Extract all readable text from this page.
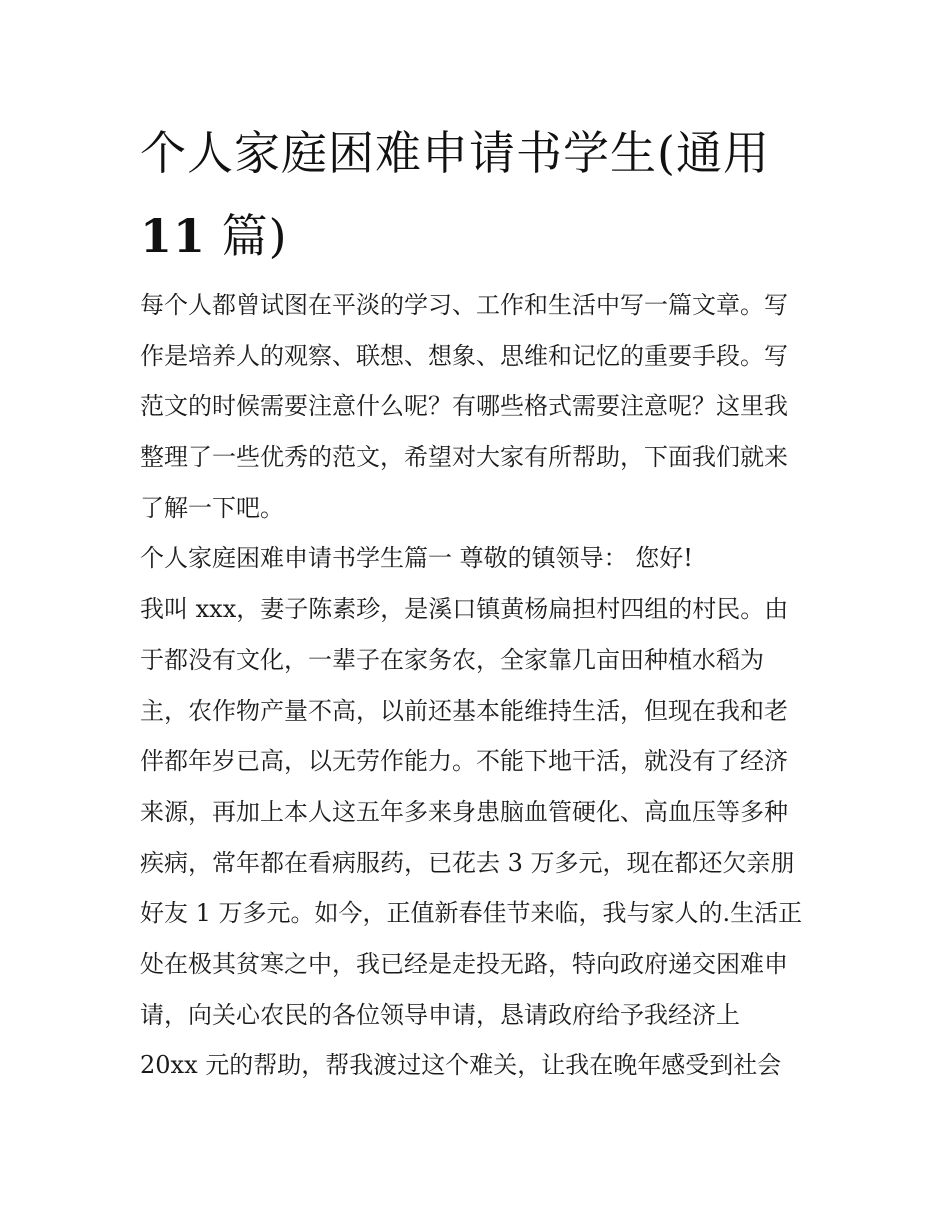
个人家庭困难申请书学生(通用
11 篇)
每个人都曾试图在平淡的学习、工作和生活中写一篇文章。写
作是培养人的观察、联想、想象、思维和记忆的重要手段。写
范文的时候需要注意什么呢？有哪些格式需要注意呢？这里我
整理了一些优秀的范文，希望对大家有所帮助，下面我们就来
了解一下吧。
个人家庭困难申请书学生篇一 尊敬的镇领导： 您好!
我叫 xxx，妻子陈素珍，是溪口镇黄杨扁担村四组的村民。由
于都没有文化，一辈子在家务农，全家靠几亩田种植水稻为
主，农作物产量不高，以前还基本能维持生活，但现在我和老
伴都年岁已高，以无劳作能力。不能下地干活，就没有了经济
来源，再加上本人这五年多来身患脑血管硬化、高血压等多种
疾病，常年都在看病服药，已花去 3 万多元，现在都还欠亲朋
好友 1 万多元。如今，正值新春佳节来临，我与家人的.生活正
处在极其贫寒之中，我已经是走投无路，特向政府递交困难申
请，向关心农民的各位领导申请，恳请政府给予我经济上
20xx 元的帮助，帮我渡过这个难关，让我在晚年感受到社会
